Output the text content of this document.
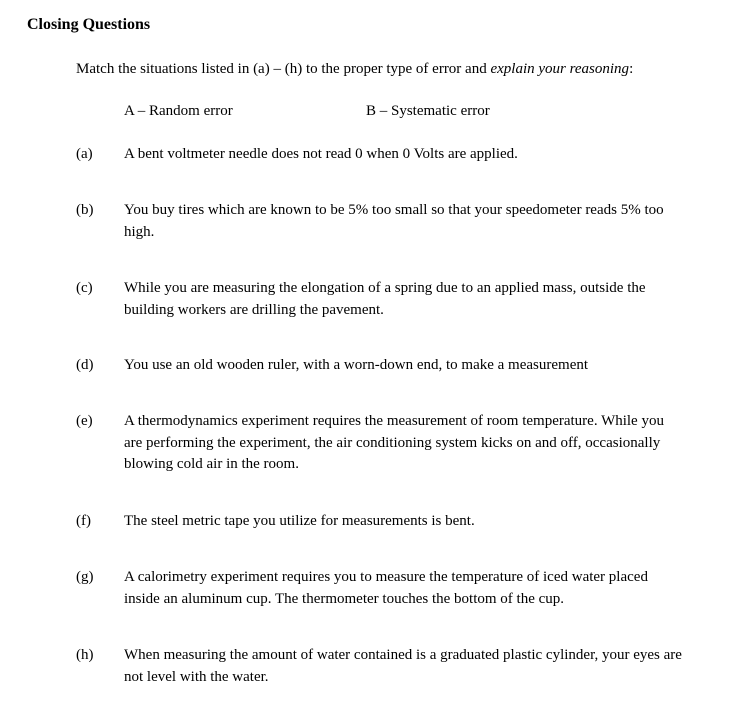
Closing Questions
Match the situations listed in (a) – (h) to the proper type of error and explain your reasoning:
A – Random error	B – Systematic error
(a) A bent voltmeter needle does not read 0 when 0 Volts are applied.
(b) You buy tires which are known to be 5% too small so that your speedometer reads 5% too high.
(c) While you are measuring the elongation of a spring due to an applied mass, outside the building workers are drilling the pavement.
(d) You use an old wooden ruler, with a worn-down end, to make a measurement
(e) A thermodynamics experiment requires the measurement of room temperature. While you are performing the experiment, the air conditioning system kicks on and off, occasionally blowing cold air in the room.
(f) The steel metric tape you utilize for measurements is bent.
(g) A calorimetry experiment requires you to measure the temperature of iced water placed inside an aluminum cup. The thermometer touches the bottom of the cup.
(h) When measuring the amount of water contained is a graduated plastic cylinder, your eyes are not level with the water.
